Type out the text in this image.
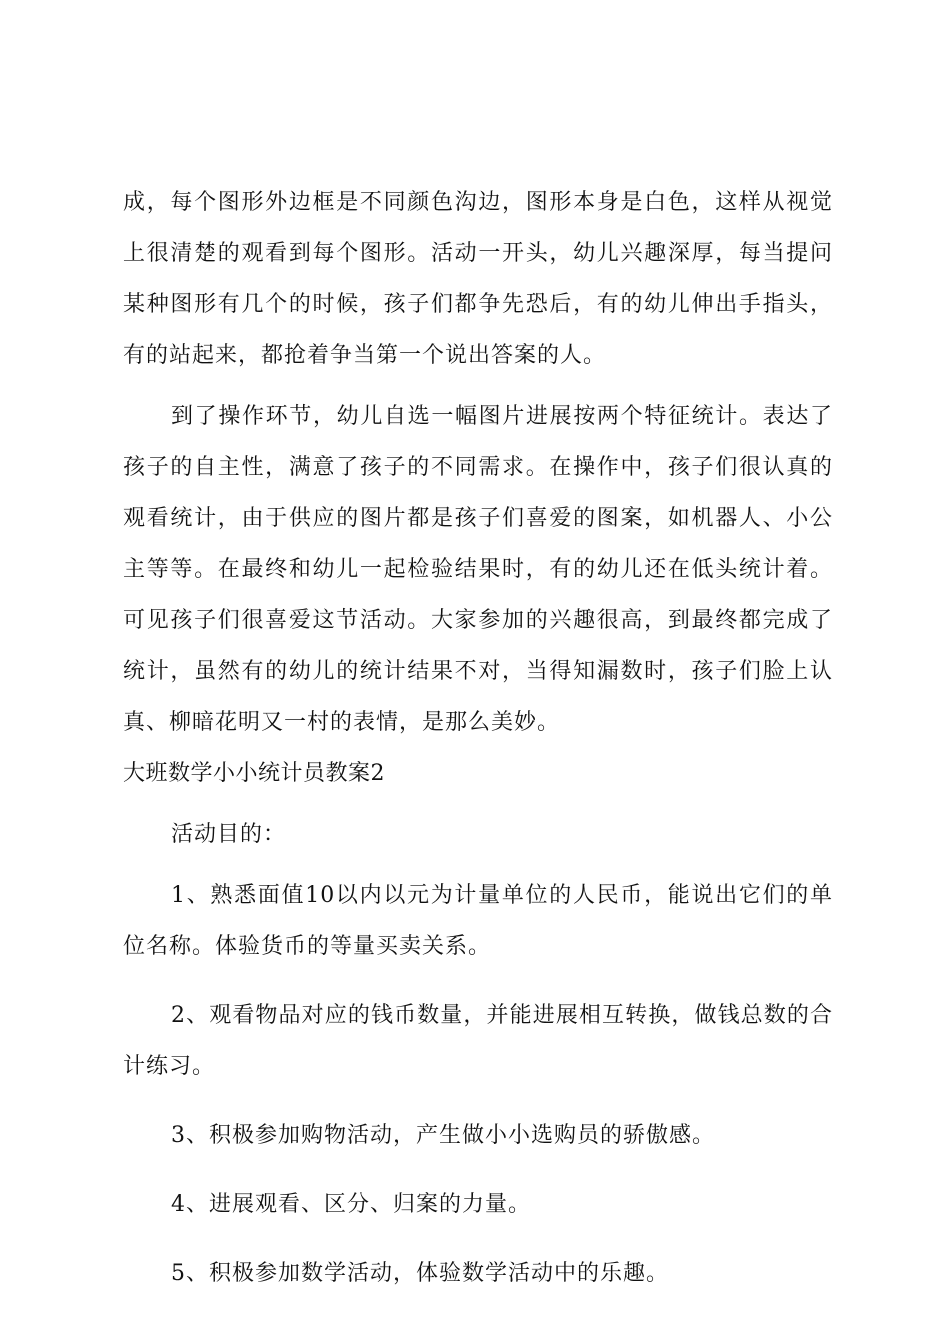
成，每个图形外边框是不同颜色沟边，图形本身是白色，这样从视觉上很清楚的观看到每个图形。活动一开头，幼儿兴趣深厚，每当提问某种图形有几个的时候，孩子们都争先恐后，有的幼儿伸出手指头，有的站起来，都抢着争当第一个说出答案的人。

到了操作环节，幼儿自选一幅图片进展按两个特征统计。表达了孩子的自主性，满意了孩子的不同需求。在操作中，孩子们很认真的观看统计，由于供应的图片都是孩子们喜爱的图案，如机器人、小公主等等。在最终和幼儿一起检验结果时，有的幼儿还在低头统计着。可见孩子们很喜爱这节活动。大家参加的兴趣很高，到最终都完成了统计，虽然有的幼儿的统计结果不对，当得知漏数时，孩子们脸上认真、柳暗花明又一村的表情，是那么美妙。

大班数学小小统计员教案2

活动目的：

1、熟悉面值10以内以元为计量单位的人民币，能说出它们的单位名称。体验货币的等量买卖关系。

2、观看物品对应的钱币数量，并能进展相互转换，做钱总数的合计练习。

3、积极参加购物活动，产生做小小选购员的骄傲感。

4、进展观看、区分、归案的力量。

5、积极参加数学活动，体验数学活动中的乐趣。
